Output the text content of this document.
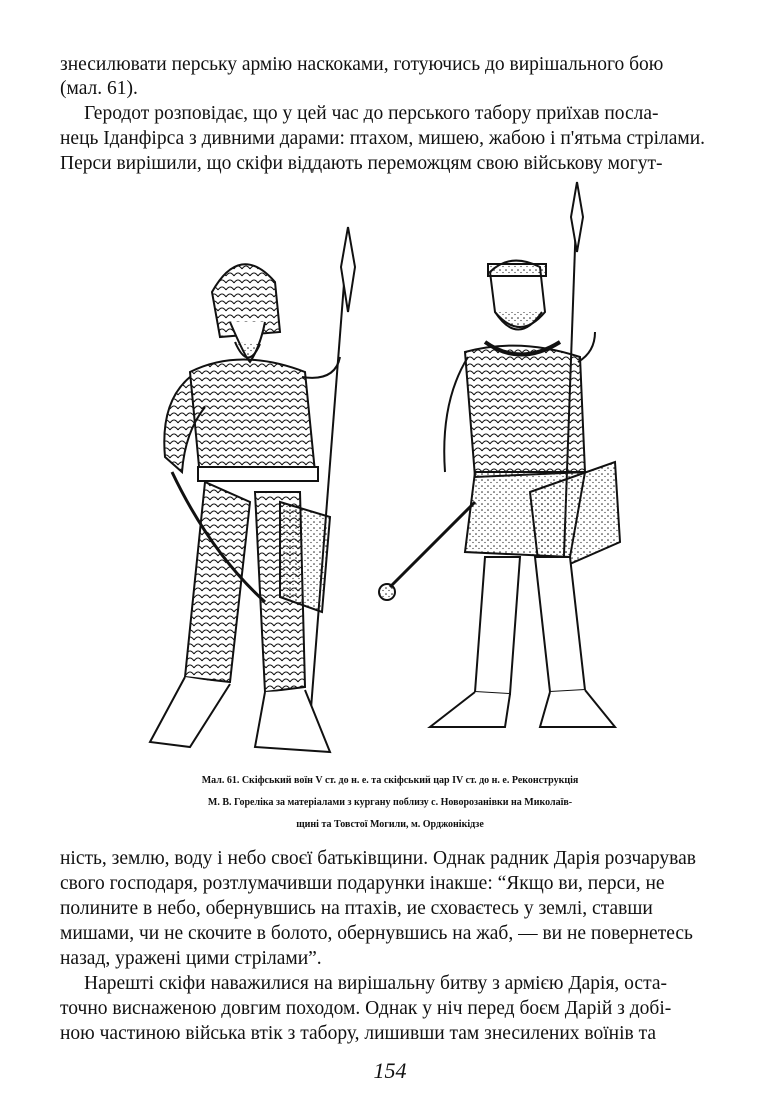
знесилювати перську армію наскоками, готуючись до вирішального бою
(мал. 61).
Геродот розповідає, що у цей час до перського табору приїхав посла-
нець Іданфірса з дивними дарами: птахом, мишею, жабою і п'ятьма стрілами.
Перси вирішили, що скіфи віддають переможцям свою військову могут-
Мал. 61. Скіфський воїн V ст. до н. е. та скіфський цар IV ст. до н. е. Реконструкція
М. В. Горeліка за матеріалами з кургану поблизу с. Новорозанівки на Миколаїв-
щині та Товстої Могили, м. Орджонікідзе
ність, землю, воду і небо своєї батьківщини. Однак радник Дарія розчарував
свого господаря, розтлумачивши подарунки інакше: “Якщо ви, перси, не
полините в небо, обернувшись на птахів, ие сховаєтесь у землі, ставши
мишами, чи не скочите в болото, обернувшись на жаб, — ви не повернетесь
назад, уражені цими стрілами”.
Нарешті скіфи наважилися на вирішальну битву з армією Дарія, оста-
точно виснаженою довгим походом. Однак у ніч перед боєм Дарій з добі-
ною частиною війська втік з табору, лишивши там знесилених воїнів та
154
